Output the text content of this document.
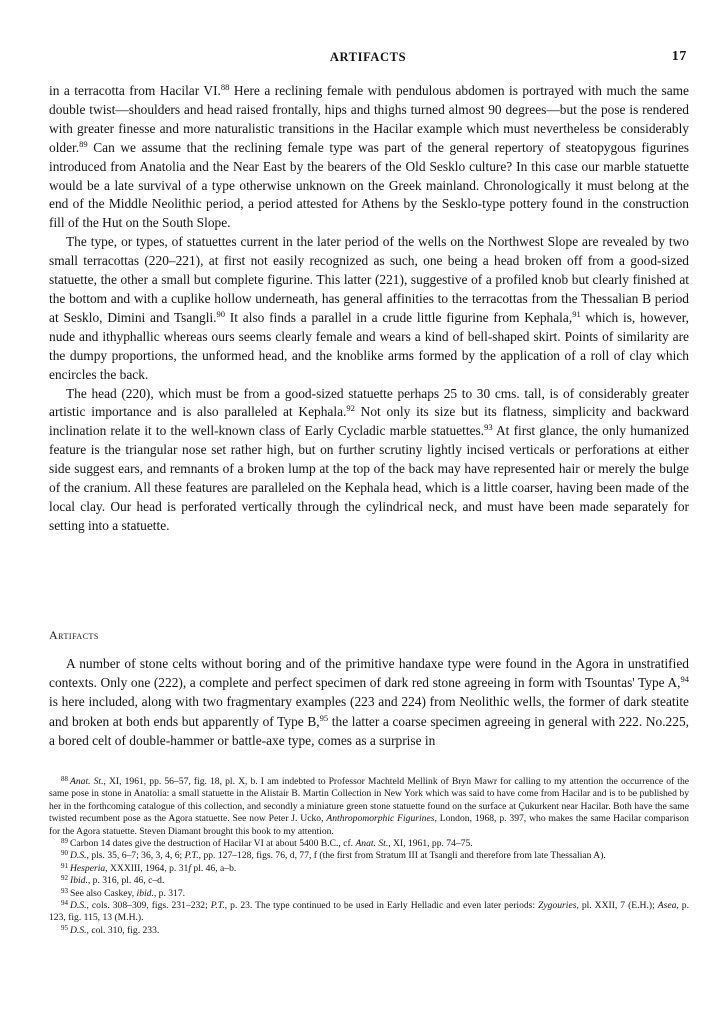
ARTIFACTS	17

in a terracotta from Hacilar VI.$^{88}$ Here a reclining female with pendulous abdomen is portrayed with much the same double twist—shoulders and head raised frontally, hips and thighs turned almost 90 degrees—but the pose is rendered with greater finesse and more naturalistic transitions in the Hacilar example which must nevertheless be considerably older.$^{89}$ Can we assume that the reclining female type was part of the general repertory of steatopygous figurines introduced from Anatolia and the Near East by the bearers of the Old Sesklo culture? In this case our marble statuette would be a late survival of a type otherwise unknown on the Greek mainland. Chronologically it must belong at the end of the Middle Neolithic period, a period attested for Athens by the Sesklo-type pottery found in the construction fill of the Hut on the South Slope.

The type, or types, of statuettes current in the later period of the wells on the Northwest Slope are revealed by two small terracottas (220–221), at first not easily recognized as such, one being a head broken off from a good-sized statuette, the other a small but complete figurine. This latter (221), suggestive of a profiled knob but clearly finished at the bottom and with a cuplike hollow underneath, has general affinities to the terracottas from the Thessalian B period at Sesklo, Dimini and Tsangli.$^{90}$ It also finds a parallel in a crude little figurine from Kephala,$^{91}$ which is, however, nude and ithyphallic whereas ours seems clearly female and wears a kind of bell-shaped skirt. Points of similarity are the dumpy proportions, the unformed head, and the knoblike arms formed by the application of a roll of clay which encircles the back.

The head (220), which must be from a good-sized statuette perhaps 25 to 30 cms. tall, is of considerably greater artistic importance and is also paralleled at Kephala.$^{92}$ Not only its size but its flatness, simplicity and backward inclination relate it to the well-known class of Early Cycladic marble statuettes.$^{93}$ At first glance, the only humanized feature is the triangular nose set rather high, but on further scrutiny lightly incised verticals or perforations at either side suggest ears, and remnants of a broken lump at the top of the back may have represented hair or merely the bulge of the cranium. All these features are paralleled on the Kephala head, which is a little coarser, having been made of the local clay. Our head is perforated vertically through the cylindrical neck, and must have been made separately for setting into a statuette.

Artifacts

A number of stone celts without boring and of the primitive handaxe type were found in the Agora in unstratified contexts. Only one (222), a complete and perfect specimen of dark red stone agreeing in form with Tsountas' Type A,$^{94}$ is here included, along with two fragmentary examples (223 and 224) from Neolithic wells, the former of dark steatite and broken at both ends but apparently of Type B,$^{95}$ the latter a coarse specimen agreeing in general with 222. No.225, a bored celt of double-hammer or battle-axe type, comes as a surprise in

$^{88}$ Anat. St., XI, 1961, pp. 56–57, fig. 18, pl. X, b. I am indebted to Professor Machteld Mellink of Bryn Mawr for calling to my attention the occurrence of the same pose in stone in Anatolia: a small statuette in the Alistair B. Martin Collection in New York which was said to have come from Hacilar and is to be published by her in the forthcoming catalogue of this collection, and secondly a miniature green stone statuette found on the surface at Çukurkent near Hacilar. Both have the same twisted recumbent pose as the Agora statuette. See now Peter J. Ucko, Anthropomorphic Figurines, London, 1968, p. 397, who makes the same Hacilar comparison for the Agora statuette. Steven Diamant brought this book to my attention.

$^{89}$ Carbon 14 dates give the destruction of Hacilar VI at about 5400 B.C., cf. Anat. St., XI, 1961, pp. 74–75.

$^{90}$ D.S., pls. 35, 6–7; 36, 3, 4, 6; P.T., pp. 127–128, figs. 76, d, 77, f (the first from Stratum III at Tsangli and therefore from late Thessalian A).

$^{91}$ Hesperia, XXXIII, 1964, p. 31f pl. 46, a–b.

$^{92}$ Ibid., p. 316, pl. 46, c–d.

$^{93}$ See also Caskey, ibid., p. 317.

$^{94}$ D.S., cols. 308–309, figs. 231–232; P.T., p. 23. The type continued to be used in Early Helladic and even later periods: Zygouries, pl. XXII, 7 (E.H.); Asea, p. 123, fig. 115, 13 (M.H.).

$^{95}$ D.S., col. 310, fig. 233.
